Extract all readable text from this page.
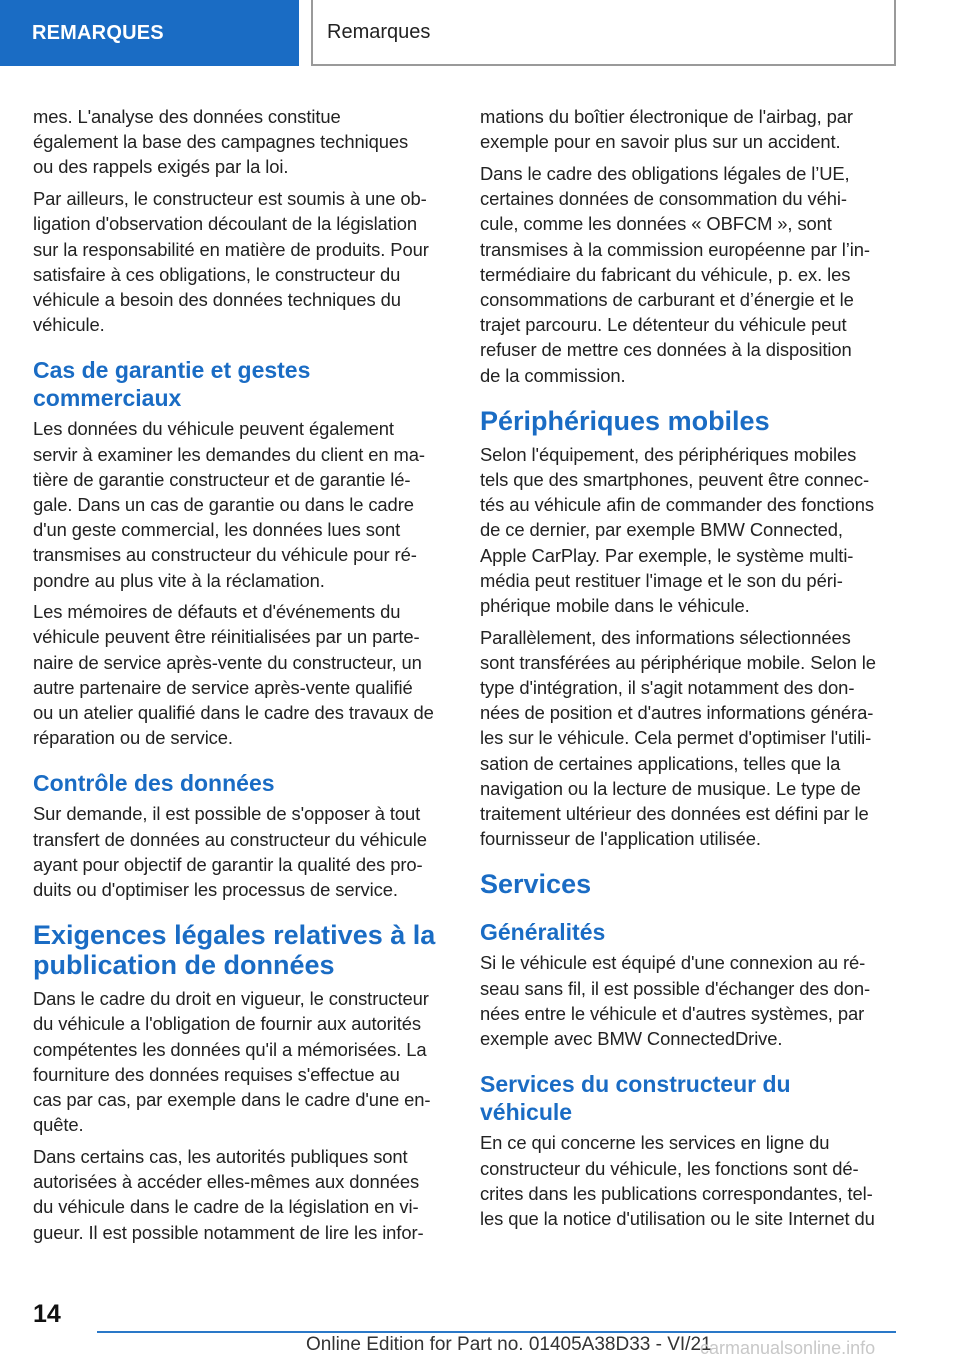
REMARQUES	Remarques

mes. L'analyse des données constitue
également la base des campagnes techniques
ou des rappels exigés par la loi.

Par ailleurs, le constructeur est soumis à une ob-
ligation d'observation découlant de la législation
sur la responsabilité en matière de produits. Pour
satisfaire à ces obligations, le constructeur du
véhicule a besoin des données techniques du
véhicule.

Cas de garantie et gestes
commerciaux

Les données du véhicule peuvent également
servir à examiner les demandes du client en ma-
tière de garantie constructeur et de garantie lé-
gale. Dans un cas de garantie ou dans le cadre
d'un geste commercial, les données lues sont
transmises au constructeur du véhicule pour ré-
pondre au plus vite à la réclamation.

Les mémoires de défauts et d'événements du
véhicule peuvent être réinitialisées par un parte-
naire de service après-vente du constructeur, un
autre partenaire de service après-vente qualifié
ou un atelier qualifié dans le cadre des travaux de
réparation ou de service.

Contrôle des données

Sur demande, il est possible de s'opposer à tout
transfert de données au constructeur du véhicule
ayant pour objectif de garantir la qualité des pro-
duits ou d'optimiser les processus de service.

Exigences légales relatives à la
publication de données

Dans le cadre du droit en vigueur, le constructeur
du véhicule a l'obligation de fournir aux autorités
compétentes les données qu'il a mémorisées. La
fourniture des données requises s'effectue au
cas par cas, par exemple dans le cadre d'une en-
quête.

Dans certains cas, les autorités publiques sont
autorisées à accéder elles-mêmes aux données
du véhicule dans le cadre de la législation en vi-
gueur. Il est possible notamment de lire les infor-

mations du boîtier électronique de l'airbag, par
exemple pour en savoir plus sur un accident.

Dans le cadre des obligations légales de l’UE,
certaines données de consommation du véhi-
cule, comme les données « OBFCM », sont
transmises à la commission européenne par l’in-
termédiaire du fabricant du véhicule, p. ex. les
consommations de carburant et d’énergie et le
trajet parcouru. Le détenteur du véhicule peut
refuser de mettre ces données à la disposition
de la commission.

Périphériques mobiles

Selon l'équipement, des périphériques mobiles
tels que des smartphones, peuvent être connec-
tés au véhicule afin de commander des fonctions
de ce dernier, par exemple BMW Connected,
Apple CarPlay. Par exemple, le système multi-
média peut restituer l'image et le son du péri-
phérique mobile dans le véhicule.

Parallèlement, des informations sélectionnées
sont transférées au périphérique mobile. Selon le
type d'intégration, il s'agit notamment des don-
nées de position et d'autres informations généra-
les sur le véhicule. Cela permet d'optimiser l'utili-
sation de certaines applications, telles que la
navigation ou la lecture de musique. Le type de
traitement ultérieur des données est défini par le
fournisseur de l'application utilisée.

Services
Généralités

Si le véhicule est équipé d'une connexion au ré-
seau sans fil, il est possible d'échanger des don-
nées entre le véhicule et d'autres systèmes, par
exemple avec BMW ConnectedDrive.

Services du constructeur du
véhicule

En ce qui concerne les services en ligne du
constructeur du véhicule, les fonctions sont dé-
crites dans les publications correspondantes, tel-
les que la notice d'utilisation ou le site Internet du

14
Online Edition for Part no. 01405A38D33 - VI/21
carmanualsonline.info
